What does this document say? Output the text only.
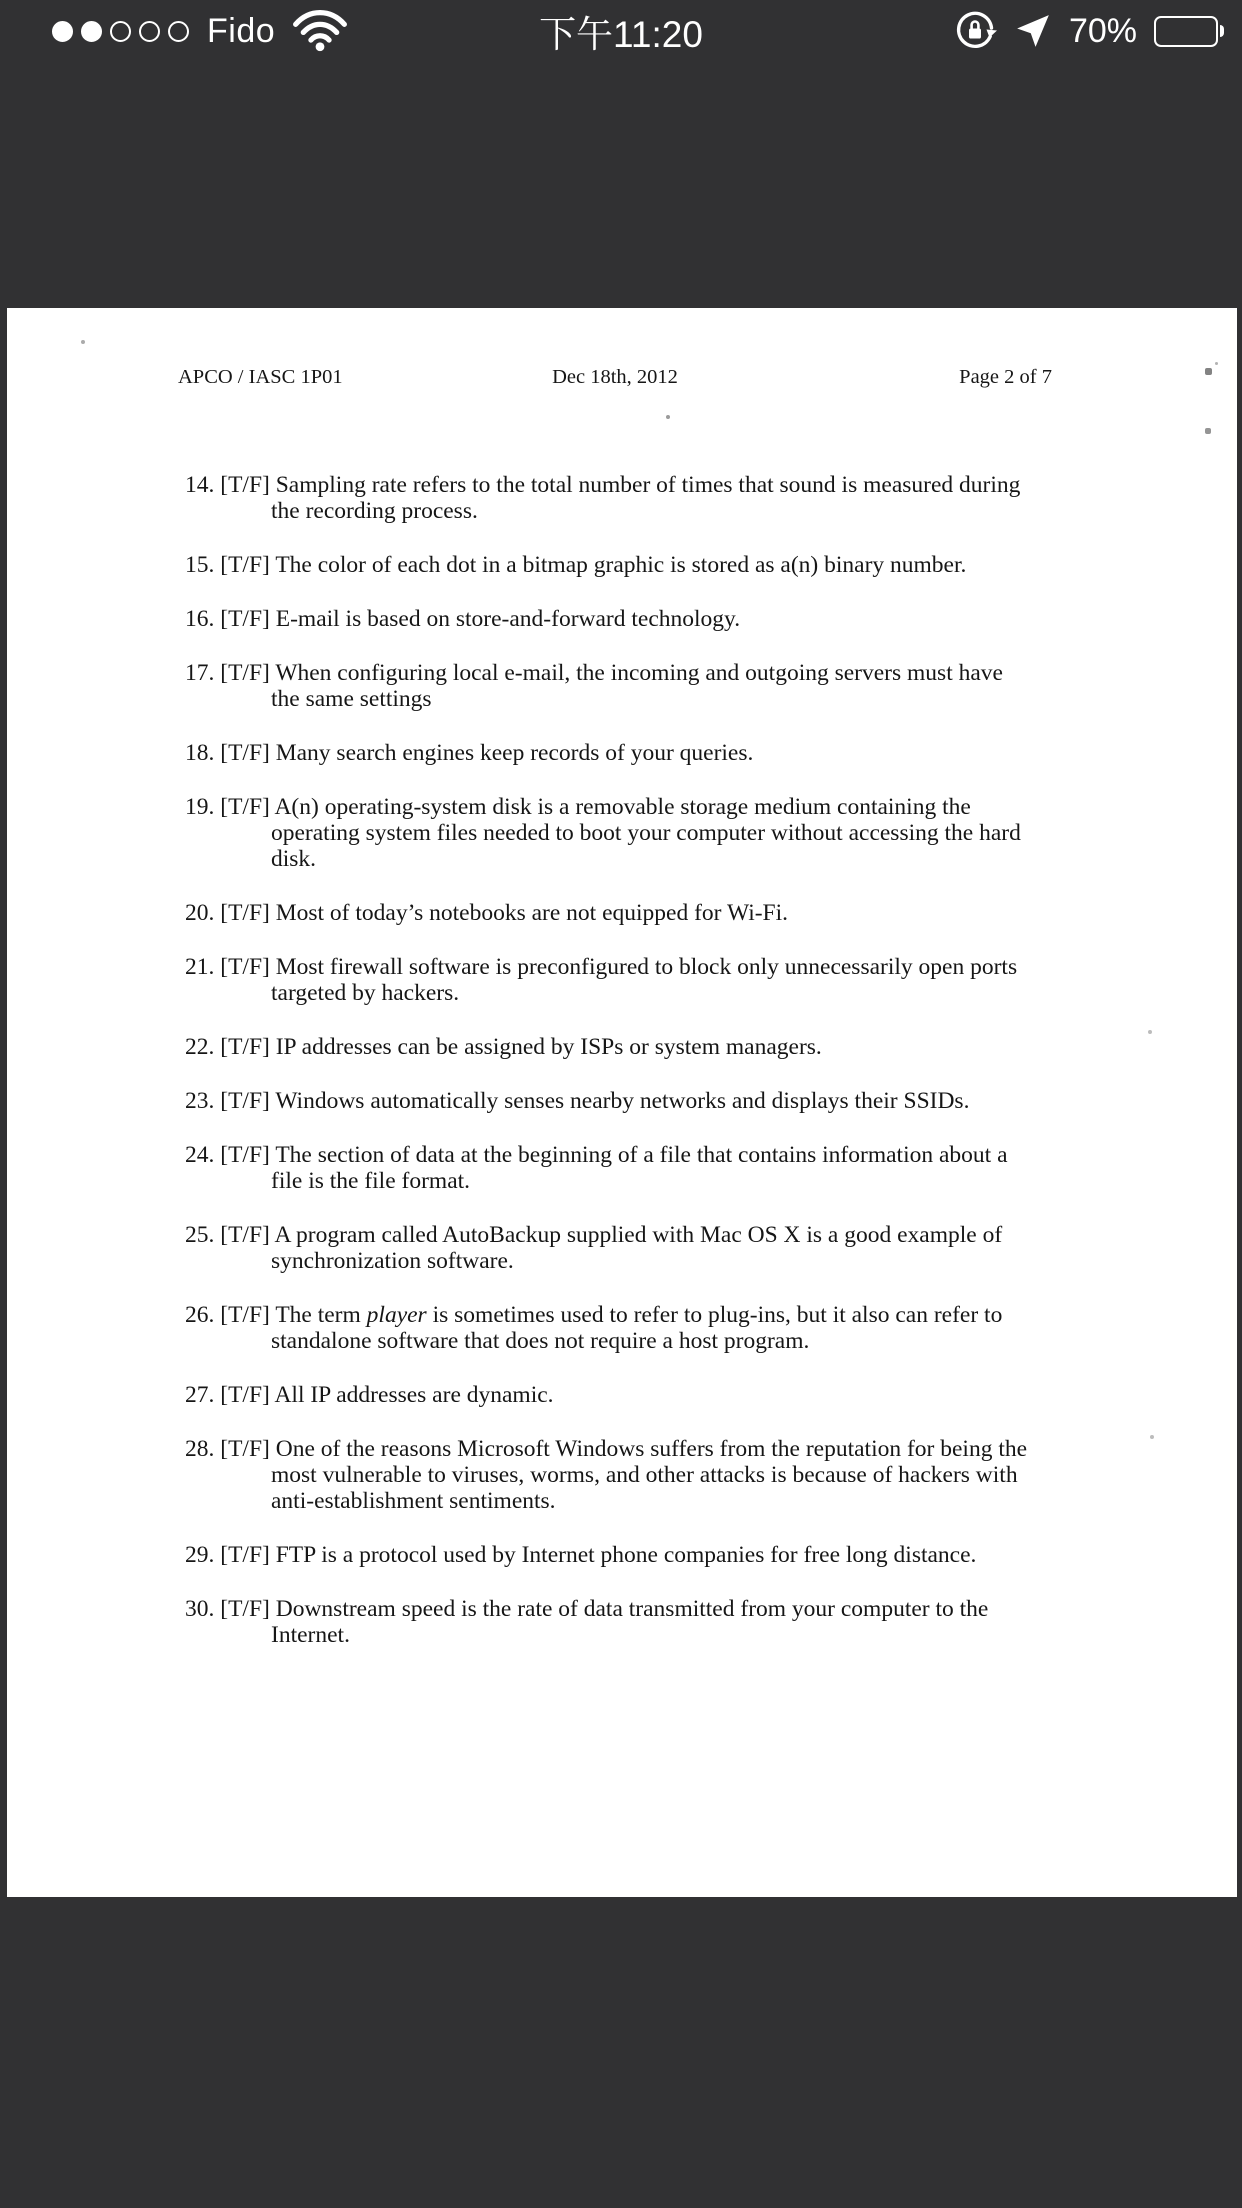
Fido	下午11:20	70%
APCO / IASC 1P01	Dec 18th, 2012	Page 2 of 7
14. [T/F] Sampling rate refers to the total number of times that sound is measured during the recording process.
15. [T/F] The color of each dot in a bitmap graphic is stored as a(n) binary number.
16. [T/F] E-mail is based on store-and-forward technology.
17. [T/F] When configuring local e-mail, the incoming and outgoing servers must have the same settings
18. [T/F] Many search engines keep records of your queries.
19. [T/F] A(n) operating-system disk is a removable storage medium containing the operating system files needed to boot your computer without accessing the hard disk.
20. [T/F] Most of today’s notebooks are not equipped for Wi-Fi.
21. [T/F] Most firewall software is preconfigured to block only unnecessarily open ports targeted by hackers.
22. [T/F] IP addresses can be assigned by ISPs or system managers.
23. [T/F] Windows automatically senses nearby networks and displays their SSIDs.
24. [T/F] The section of data at the beginning of a file that contains information about a file is the file format.
25. [T/F] A program called AutoBackup supplied with Mac OS X is a good example of synchronization software.
26. [T/F] The term player is sometimes used to refer to plug-ins, but it also can refer to standalone software that does not require a host program.
27. [T/F] All IP addresses are dynamic.
28. [T/F] One of the reasons Microsoft Windows suffers from the reputation for being the most vulnerable to viruses, worms, and other attacks is because of hackers with anti-establishment sentiments.
29. [T/F] FTP is a protocol used by Internet phone companies for free long distance.
30. [T/F] Downstream speed is the rate of data transmitted from your computer to the Internet.
